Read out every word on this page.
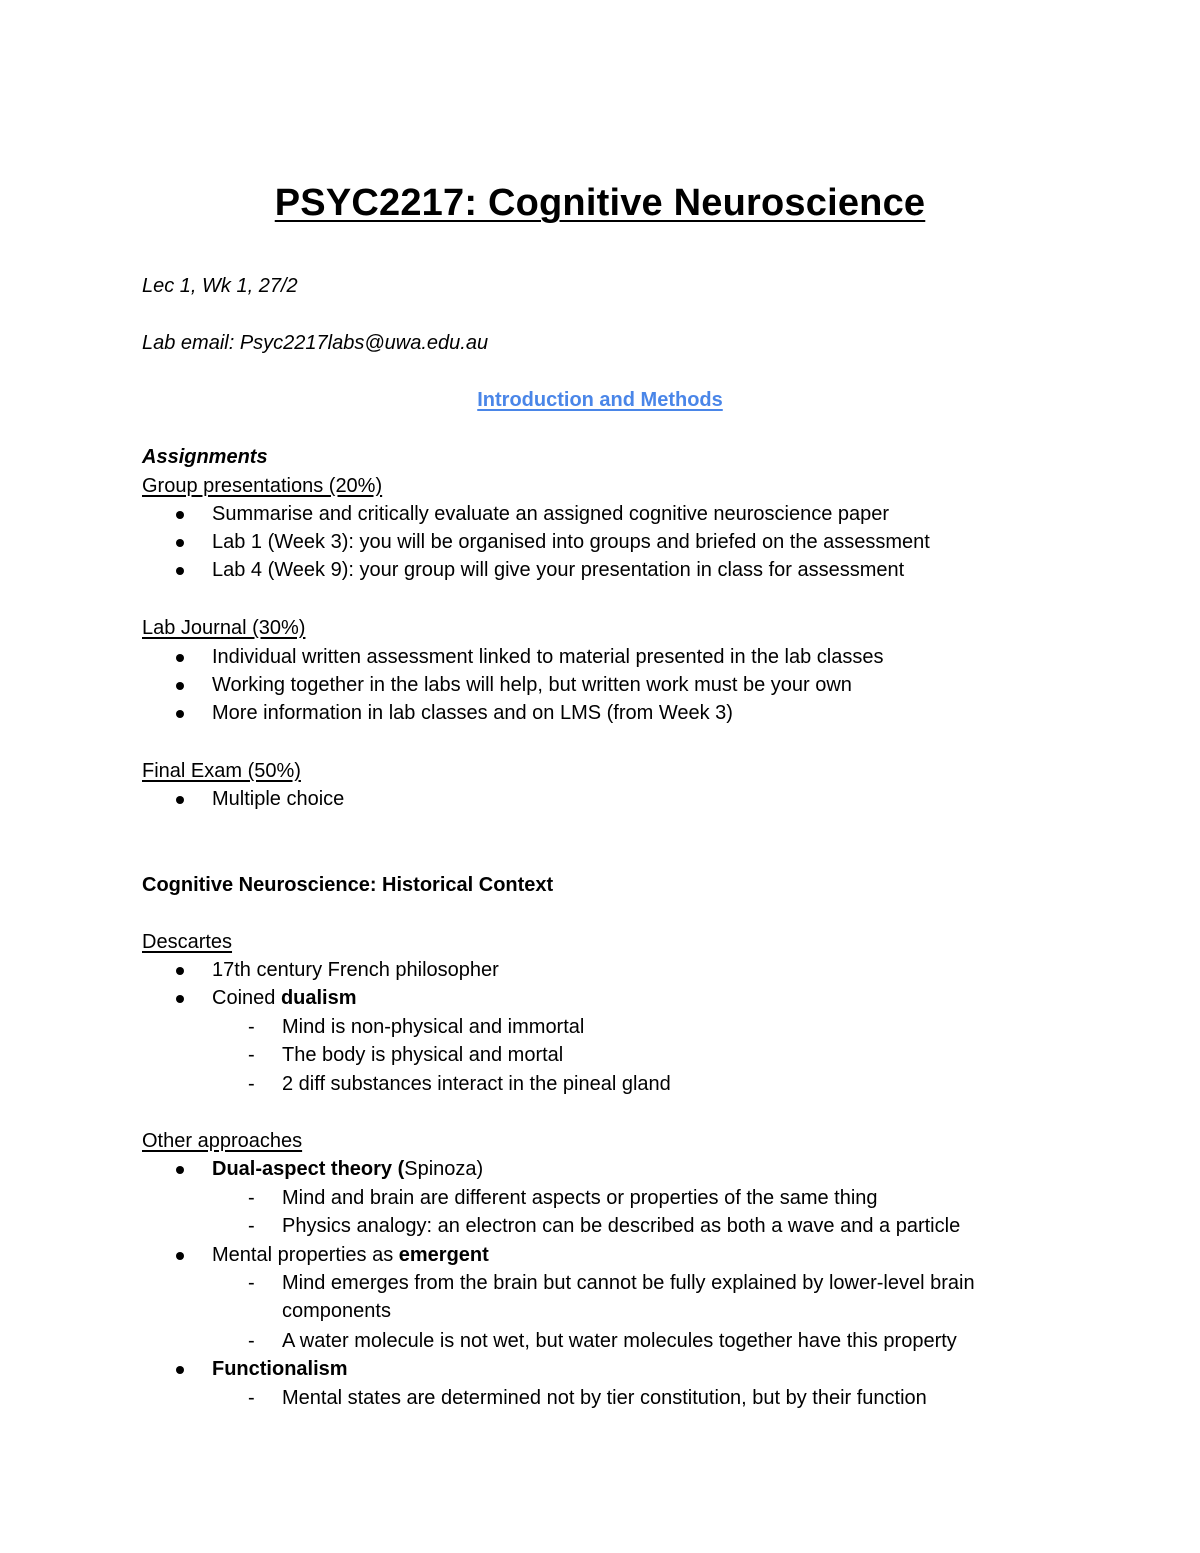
PSYC2217: Cognitive Neuroscience
Lec 1, Wk 1, 27/2
Lab email: Psyc2217labs@uwa.edu.au
Introduction and Methods
Assignments
Group presentations (20%)
Summarise and critically evaluate an assigned cognitive neuroscience paper
Lab 1 (Week 3): you will be organised into groups and briefed on the assessment
Lab 4 (Week 9): your group will give your presentation in class for assessment
Lab Journal (30%)
Individual written assessment linked to material presented in the lab classes
Working together in the labs will help, but written work must be your own
More information in lab classes and on LMS (from Week 3)
Final Exam (50%)
Multiple choice
Cognitive Neuroscience: Historical Context
Descartes
17th century French philosopher
Coined dualism
- Mind is non-physical and immortal
- The body is physical and mortal
- 2 diff substances interact in the pineal gland
Other approaches
Dual-aspect theory (Spinoza)
- Mind and brain are different aspects or properties of the same thing
- Physics analogy: an electron can be described as both a wave and a particle
Mental properties as emergent
- Mind emerges from the brain but cannot be fully explained by lower-level brain components
- A water molecule is not wet, but water molecules together have this property
Functionalism
- Mental states are determined not by tier constitution, but by their function
